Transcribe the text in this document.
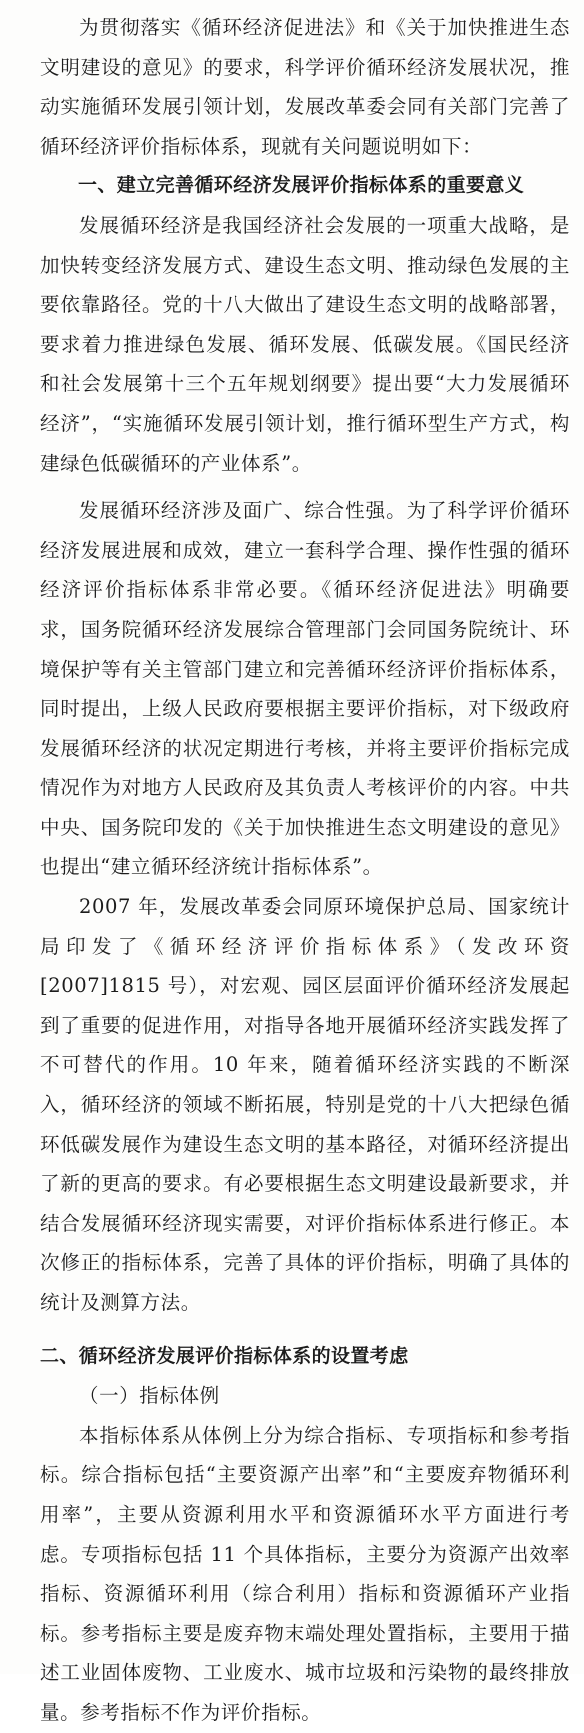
为贯彻落实《循环经济促进法》和《关于加快推进生态文明建设的意见》的要求，科学评价循环经济发展状况，推动实施循环发展引领计划，发展改革委会同有关部门完善了循环经济评价指标体系，现就有关问题说明如下：

一、建立完善循环经济发展评价指标体系的重要意义

发展循环经济是我国经济社会发展的一项重大战略，是加快转变经济发展方式、建设生态文明、推动绿色发展的主要依靠路径。党的十八大做出了建设生态文明的战略部署，要求着力推进绿色发展、循环发展、低碳发展。《国民经济和社会发展第十三个五年规划纲要》提出要“大力发展循环经济”，“实施循环发展引领计划，推行循环型生产方式，构建绿色低碳循环的产业体系”。

发展循环经济涉及面广、综合性强。为了科学评价循环经济发展进展和成效，建立一套科学合理、操作性强的循环经济评价指标体系非常必要。《循环经济促进法》明确要求，国务院循环经济发展综合管理部门会同国务院统计、环境保护等有关主管部门建立和完善循环经济评价指标体系，同时提出，上级人民政府要根据主要评价指标，对下级政府发展循环经济的状况定期进行考核，并将主要评价指标完成情况作为对地方人民政府及其负责人考核评价的内容。中共中央、国务院印发的《关于加快推进生态文明建设的意见》也提出“建立循环经济统计指标体系”。

2007 年，发展改革委会同原环境保护总局、国家统计局印发了《循环经济评价指标体系》（发改环资[2007]1815 号），对宏观、园区层面评价循环经济发展起到了重要的促进作用，对指导各地开展循环经济实践发挥了不可替代的作用。10 年来，随着循环经济实践的不断深入，循环经济的领域不断拓展，特别是党的十八大把绿色循环低碳发展作为建设生态文明的基本路径，对循环经济提出了新的更高的要求。有必要根据生态文明建设最新要求，并结合发展循环经济现实需要，对评价指标体系进行修正。本次修正的指标体系，完善了具体的评价指标，明确了具体的统计及测算方法。

二、循环经济发展评价指标体系的设置考虑

（一）指标体例

本指标体系从体例上分为综合指标、专项指标和参考指标。综合指标包括“主要资源产出率”和“主要废弃物循环利用率”，主要从资源利用水平和资源循环水平方面进行考虑。专项指标包括 11 个具体指标，主要分为资源产出效率指标、资源循环利用（综合利用）指标和资源循环产业指标。参考指标主要是废弃物末端处理处置指标，主要用于描述工业固体废物、工业废水、城市垃圾和污染物的最终排放量。参考指标不作为评价指标。
